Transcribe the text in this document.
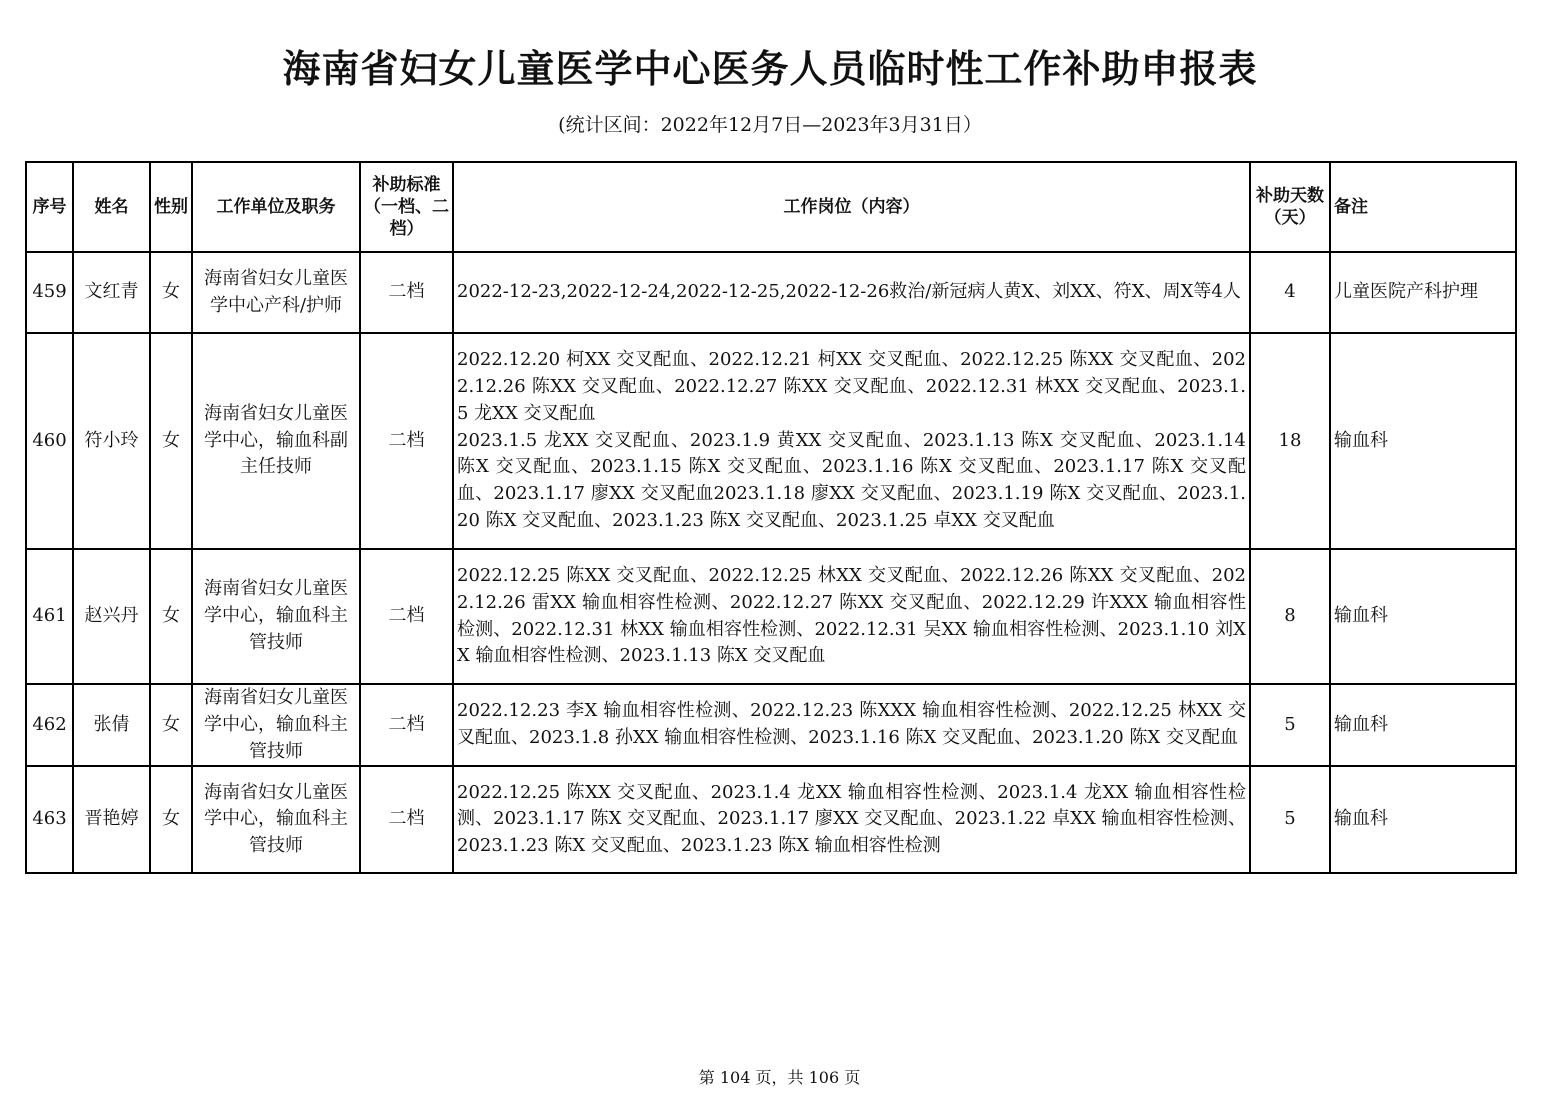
海南省妇女儿童医学中心医务人员临时性工作补助申报表
(统计区间：2022年12月7日—2023年3月31日）
序号	姓名	性别	工作单位及职务	补助标准（一档、二档）	工作岗位（内容）	补助天数（天）	备注
459	文红青	女	海南省妇女儿童医学中心产科/护师	二档	2022-12-23,2022-12-24,2022-12-25,2022-12-26救治/新冠病人黄X、刘XX、符X、周X等4人	4	儿童医院产科护理
460	符小玲	女	海南省妇女儿童医学中心，输血科副主任技师	二档	2022.12.20 柯XX 交叉配血、2022.12.21 柯XX 交叉配血、2022.12.25 陈XX 交叉配血、2022.12.26 陈XX 交叉配血、2022.12.27 陈XX 交叉配血、2022.12.31 林XX 交叉配血、2023.1.5 龙XX 交叉配血
2023.1.5 龙XX 交叉配血、2023.1.9 黄XX 交叉配血、2023.1.13 陈X 交叉配血、2023.1.14 陈X 交叉配血、2023.1.15 陈X 交叉配血、2023.1.16 陈X 交叉配血、2023.1.17 陈X 交叉配血、2023.1.17 廖XX 交叉配血2023.1.18 廖XX 交叉配血、2023.1.19 陈X 交叉配血、2023.1.20 陈X 交叉配血、2023.1.23 陈X 交叉配血、2023.1.25 卓XX 交叉配血	18	输血科
461	赵兴丹	女	海南省妇女儿童医学中心，输血科主管技师	二档	2022.12.25 陈XX 交叉配血、2022.12.25 林XX 交叉配血、2022.12.26 陈XX 交叉配血、2022.12.26 雷XX 输血相容性检测、2022.12.27 陈XX 交叉配血、2022.12.29 许XXX 输血相容性检测、2022.12.31 林XX 输血相容性检测、2022.12.31 吴XX 输血相容性检测、2023.1.10 刘XX 输血相容性检测、2023.1.13 陈X 交叉配血	8	输血科
462	张倩	女	海南省妇女儿童医学中心，输血科主管技师	二档	2022.12.23 李X 输血相容性检测、2022.12.23 陈XXX 输血相容性检测、2022.12.25 林XX 交叉配血、2023.1.8 孙XX 输血相容性检测、2023.1.16 陈X 交叉配血、2023.1.20 陈X 交叉配血	5	输血科
463	晋艳婷	女	海南省妇女儿童医学中心，输血科主管技师	二档	2022.12.25 陈XX 交叉配血、2023.1.4 龙XX 输血相容性检测、2023.1.4 龙XX 输血相容性检测、2023.1.17 陈X 交叉配血、2023.1.17 廖XX 交叉配血、2023.1.22 卓XX 输血相容性检测、2023.1.23 陈X 交叉配血、2023.1.23 陈X 输血相容性检测	5	输血科
第 104 页，共 106 页
